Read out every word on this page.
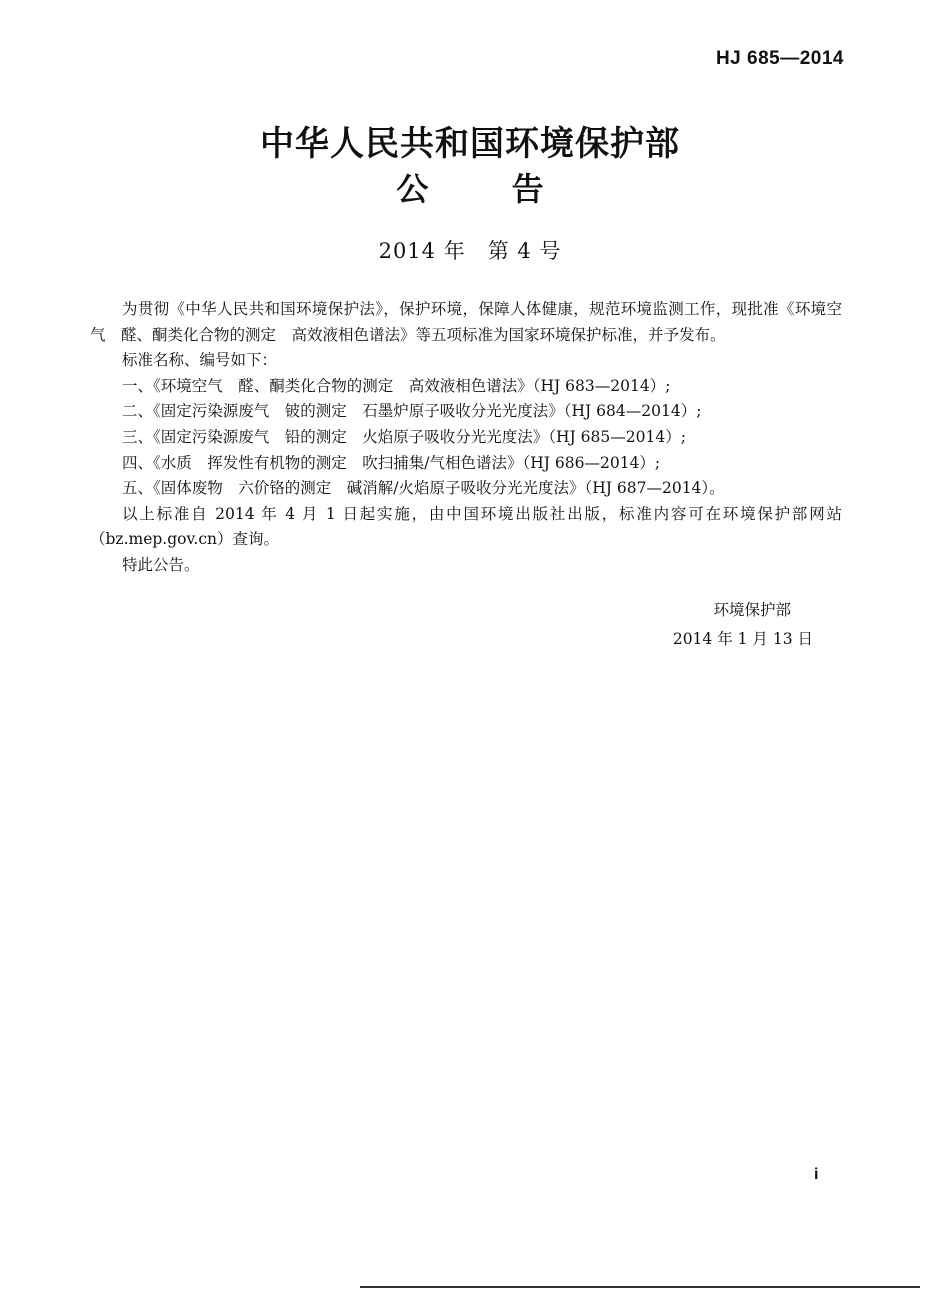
HJ 685—2014
中华人民共和国环境保护部
公 告
2014 年 第 4 号

为贯彻《中华人民共和国环境保护法》，保护环境，保障人体健康，规范环境监测工作，现批准《环境空气　醛、酮类化合物的测定　高效液相色谱法》等五项标准为国家环境保护标准，并予发布。

标准名称、编号如下：

一、《环境空气　醛、酮类化合物的测定　高效液相色谱法》（HJ 683—2014）;

二、《固定污染源废气　铍的测定　石墨炉原子吸收分光光度法》（HJ 684—2014）;

三、《固定污染源废气　铅的测定　火焰原子吸收分光光度法》（HJ 685—2014）;

四、《水质　挥发性有机物的测定　吹扫捕集/气相色谱法》（HJ 686—2014）;

五、《固体废物　六价铬的测定　碱消解/火焰原子吸收分光光度法》（HJ 687—2014）。

以上标准自 2014 年 4 月 1 日起实施，由中国环境出版社出版，标准内容可在环境保护部网站（bz.mep.gov.cn）查询。

特此公告。

环境保护部
2014 年 1 月 13 日
i
